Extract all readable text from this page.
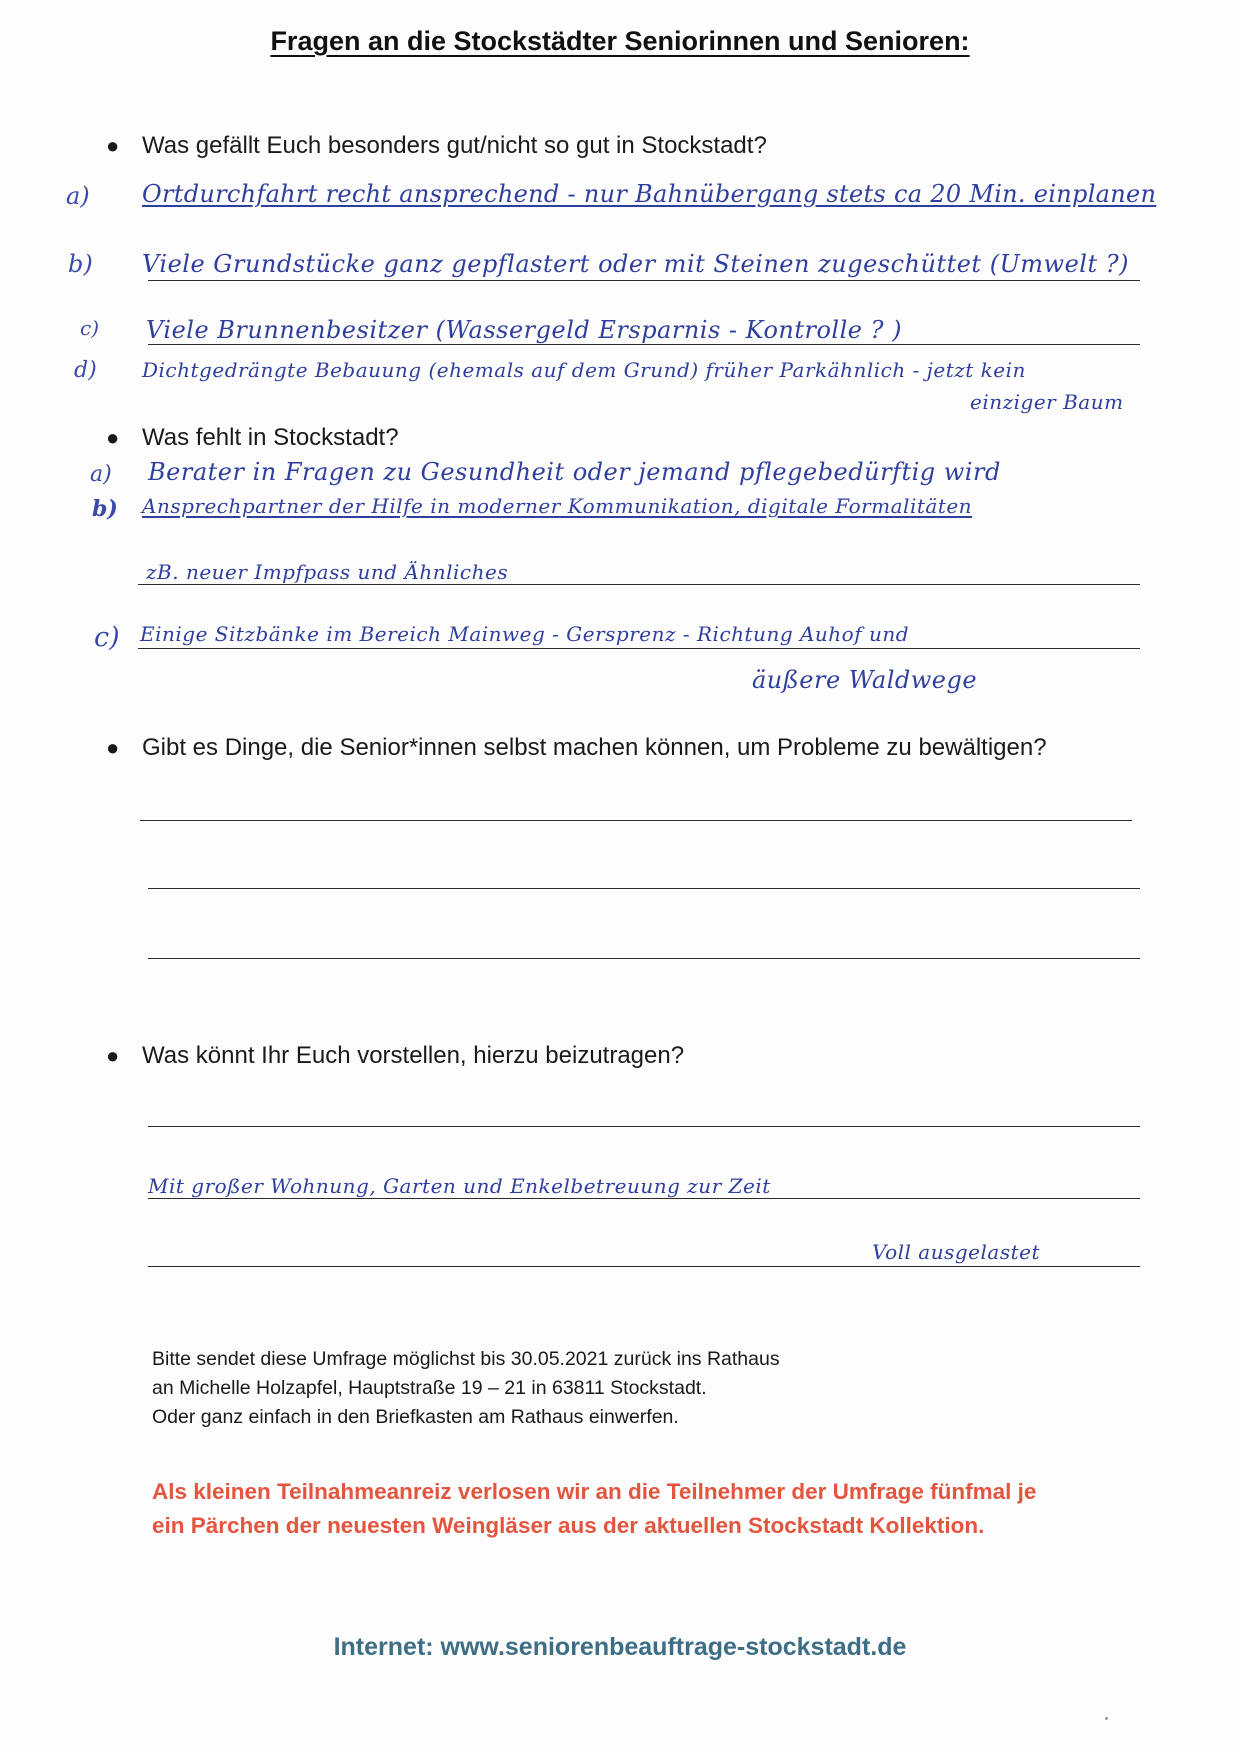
Fragen an die Stockstädter Seniorinnen und Senioren:
● Was gefällt Euch besonders gut/nicht so gut in Stockstadt?
a) Ortdurchfahrt recht ansprechend - nur Bahnübergang stets ca 20 Min. einplanen
b) Viele Grundstücke ganz gepflastert oder mit Steinen zugeschüttet (Umwelt ?)
c) Viele Brunnenbesitzer (Wassergeld Ersparnis - Kontrolle ? )
d) Dichtgedrängte Bebauung (ehemals auf dem Grund) früher Parkähnlich - jetzt kein
einziger Baum
● Was fehlt in Stockstadt?
a) Berater in Fragen zu Gesundheit oder jemand pflegebedürftig wird
b) Ansprechpartner der Hilfe in moderner Kommunikation, digitale Formalitäten
zB. neuer Impfpass und Ähnliches
c) Einige Sitzbänke im Bereich Mainweg - Gersprenz - Richtung Auhof und
äußere Waldwege
● Gibt es Dinge, die Senior*innen selbst machen können, um Probleme zu bewältigen?
● Was könnt Ihr Euch vorstellen, hierzu beizutragen?
Mit großer Wohnung, Garten und Enkelbetreuung zur Zeit
Voll ausgelastet
Bitte sendet diese Umfrage möglichst bis 30.05.2021 zurück ins Rathaus
an Michelle Holzapfel, Hauptstraße 19 – 21 in 63811 Stockstadt.
Oder ganz einfach in den Briefkasten am Rathaus einwerfen.
Als kleinen Teilnahmeanreiz verlosen wir an die Teilnehmer der Umfrage fünfmal je
ein Pärchen der neuesten Weingläser aus der aktuellen Stockstadt Kollektion.
Internet: www.seniorenbeauftrage-stockstadt.de
